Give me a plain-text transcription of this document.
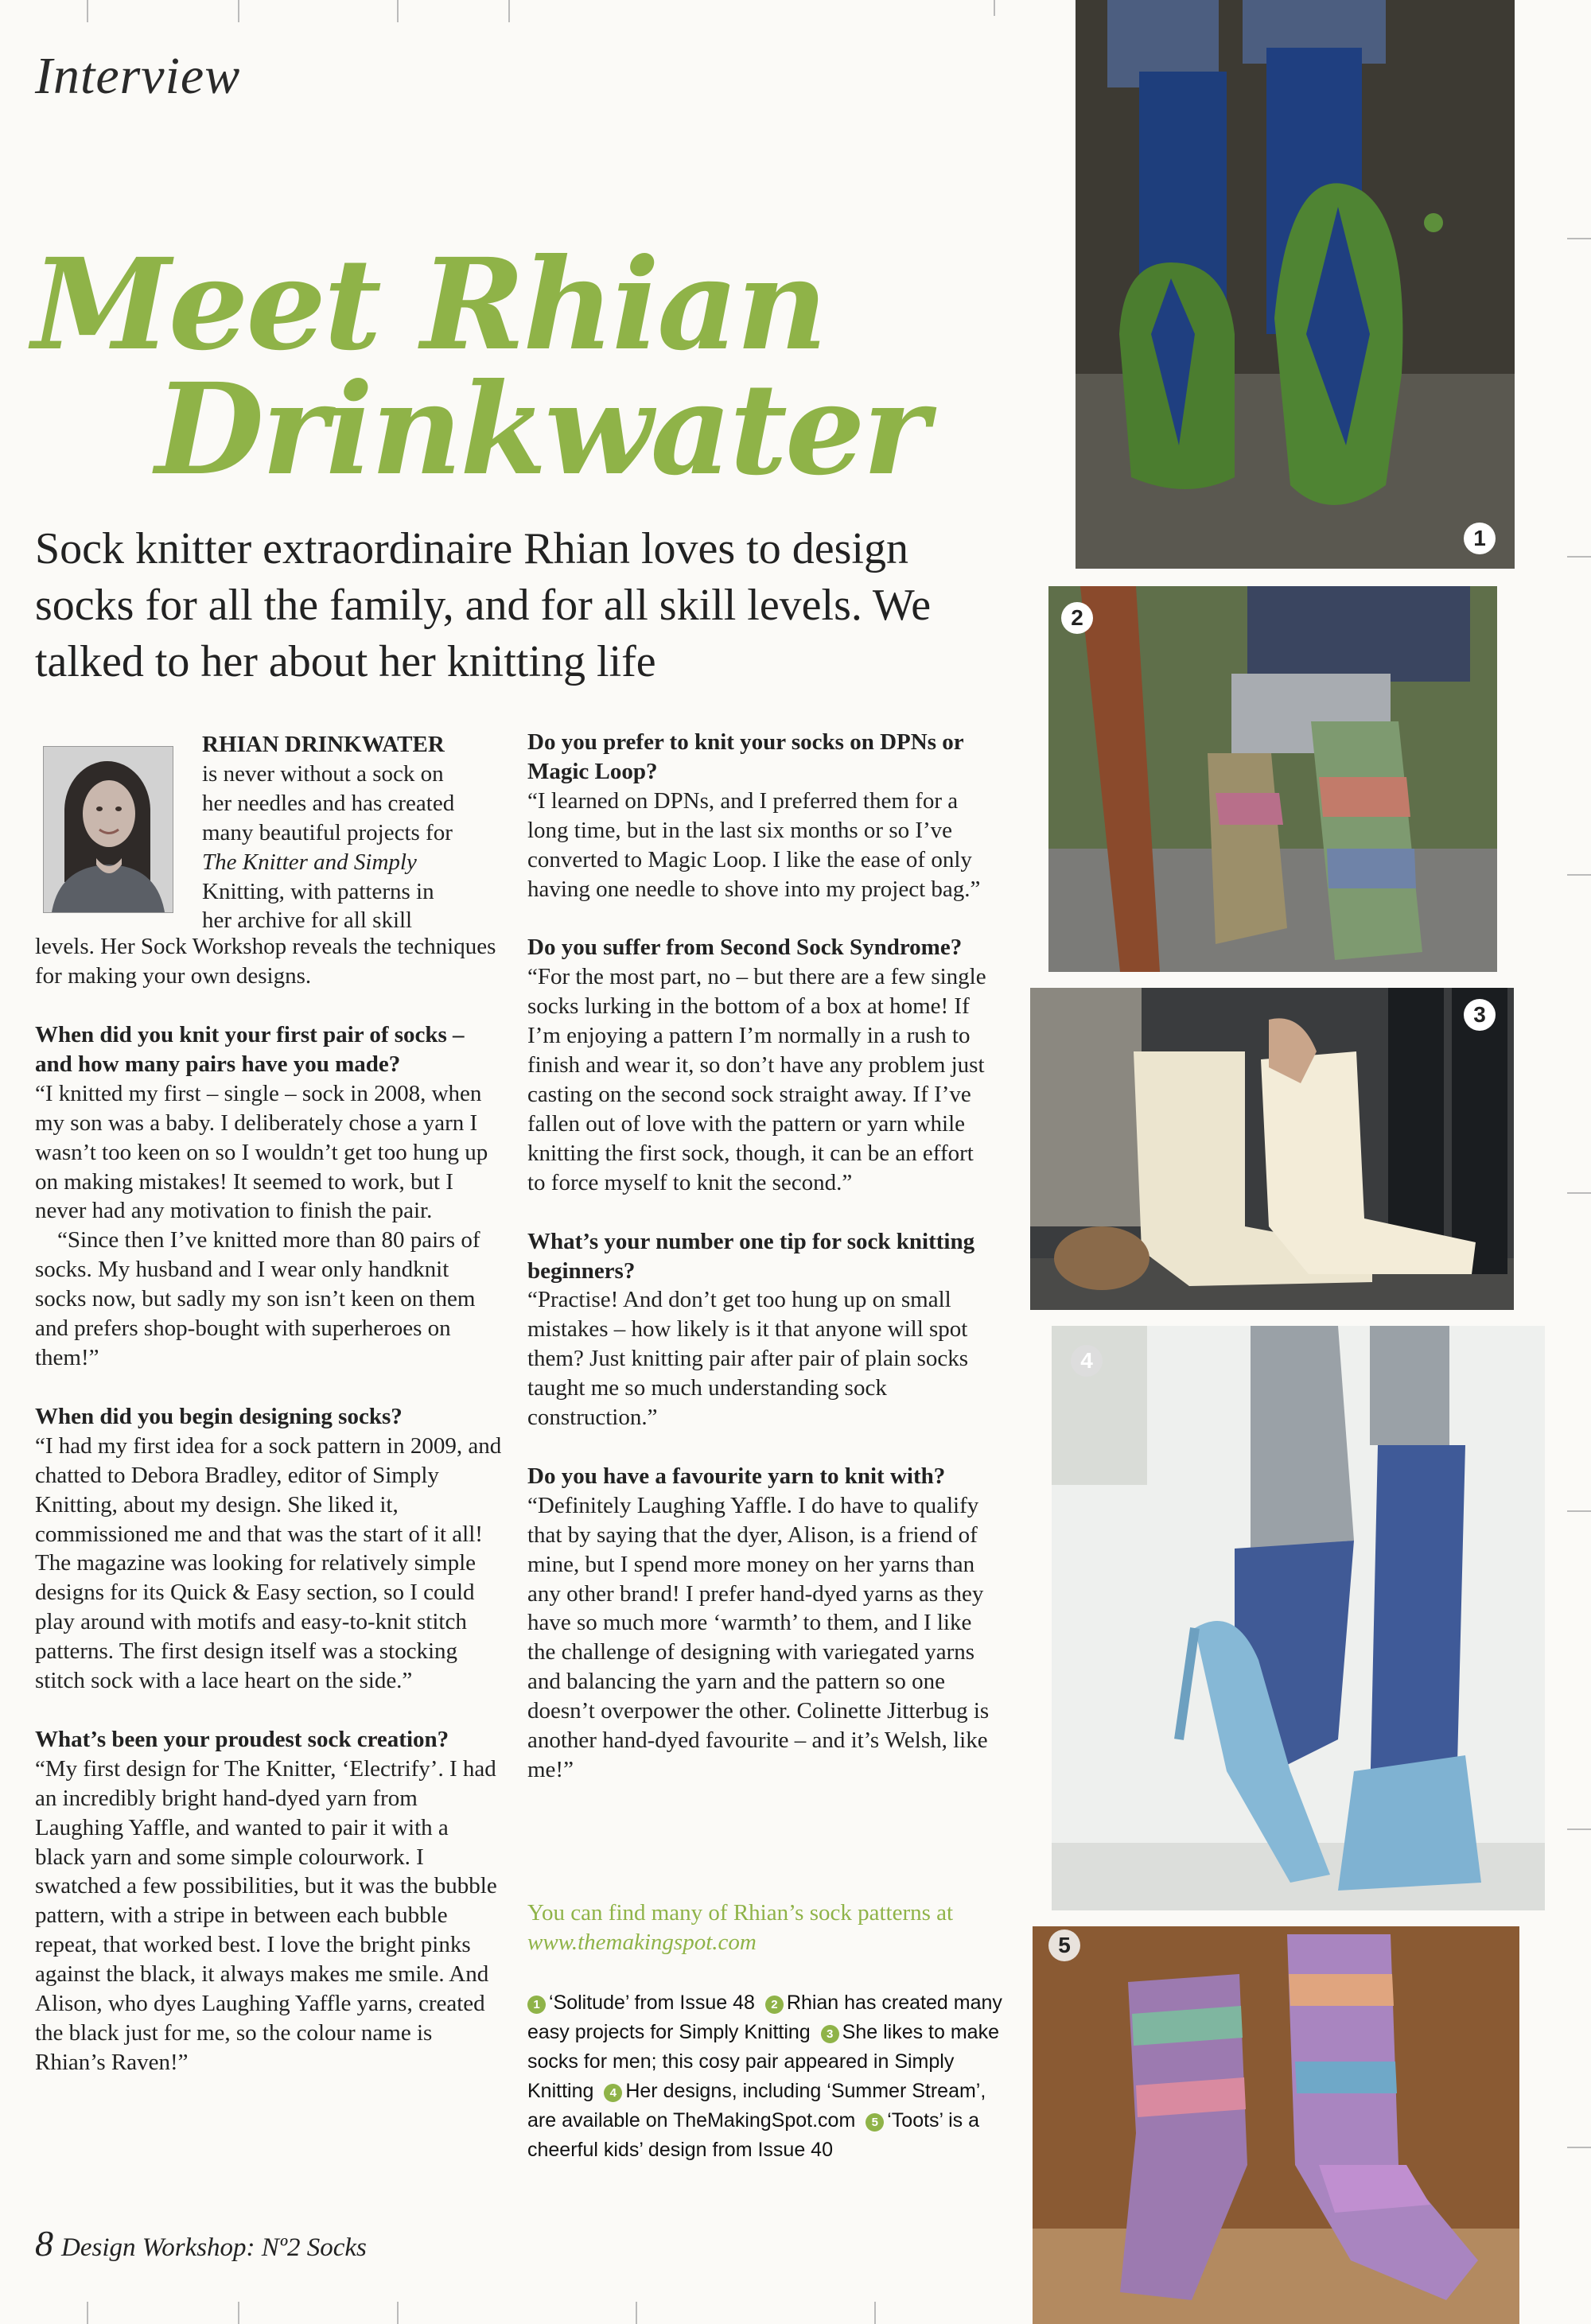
Interview
Meet Rhian
Drinkwater
Sock knitter extraordinaire Rhian loves to design socks for all the family, and for all skill levels. We talked to her about her knitting life

RHIAN DRINKWATER

is never without a sock on

her needles and has created

many beautiful projects for

The Knitter and Simply

Knitting, with patterns in

her archive for all skill

levels. Her Sock Workshop reveals the techniques for making your own designs.

When did you knit your first pair of socks – and how many pairs have you made?

“I knitted my first – single – sock in 2008, when my son was a baby. I deliberately chose a yarn I wasn’t too keen on so I wouldn’t get too hung up on making mistakes! It seemed to work, but I never had any motivation to finish the pair.

“Since then I’ve knitted more than 80 pairs of socks. My husband and I wear only handknit socks now, but sadly my son isn’t keen on them and prefers shop-bought with superheroes on them!”

When did you begin designing socks?

“I had my first idea for a sock pattern in 2009, and chatted to Debora Bradley, editor of Simply Knitting, about my design. She liked it, commissioned me and that was the start of it all! The magazine was looking for relatively simple designs for its Quick & Easy section, so I could play around with motifs and easy-to-knit stitch patterns. The first design itself was a stocking stitch sock with a lace heart on the side.”

What’s been your proudest sock creation?

“My first design for The Knitter, ‘Electrify’. I had an incredibly bright hand-dyed yarn from Laughing Yaffle, and wanted to pair it with a black yarn and some simple colourwork. I swatched a few possibilities, but it was the bubble pattern, with a stripe in between each bubble repeat, that worked best. I love the bright pinks against the black, it always makes me smile. And Alison, who dyes Laughing Yaffle yarns, created the black just for me, so the colour name is Rhian’s Raven!”

Do you prefer to knit your socks on DPNs or Magic Loop?

“I learned on DPNs, and I preferred them for a long time, but in the last six months or so I’ve converted to Magic Loop. I like the ease of only having one needle to shove into my project bag.”

Do you suffer from Second Sock Syndrome?

“For the most part, no – but there are a few single socks lurking in the bottom of a box at home! If I’m enjoying a pattern I’m normally in a rush to finish and wear it, so don’t have any problem just casting on the second sock straight away. If I’ve fallen out of love with the pattern or yarn while knitting the first sock, though, it can be an effort to force myself to knit the second.”

What’s your number one tip for sock knitting beginners?

“Practise! And don’t get too hung up on small mistakes – how likely is it that anyone will spot them? Just knitting pair after pair of plain socks taught me so much understanding sock construction.”

Do you have a favourite yarn to knit with?

“Definitely Laughing Yaffle. I do have to qualify that by saying that the dyer, Alison, is a friend of mine, but I spend more money on her yarns than any other brand! I prefer hand-dyed yarns as they have so much more ‘warmth’ to them, and I like the challenge of designing with variegated yarns and balancing the yarn and the pattern so one doesn’t overpower the other. Colinette Jitterbug is another hand-dyed favourite – and it’s Welsh, like me!”

You can find many of Rhian’s sock patterns at www.themakingspot.com
1 ‘Solitude’ from Issue 48 2 Rhian has created many easy projects for Simply Knitting 3 She likes to make socks for men; this cosy pair appeared in Simply Knitting 4 Her designs, including ‘Summer Stream’, are available on TheMakingSpot.com 5 ‘Toots’ is a cheerful kids’ design from Issue 40
8 Design Workshop: Nº2 Socks
1
2
3
4
5
